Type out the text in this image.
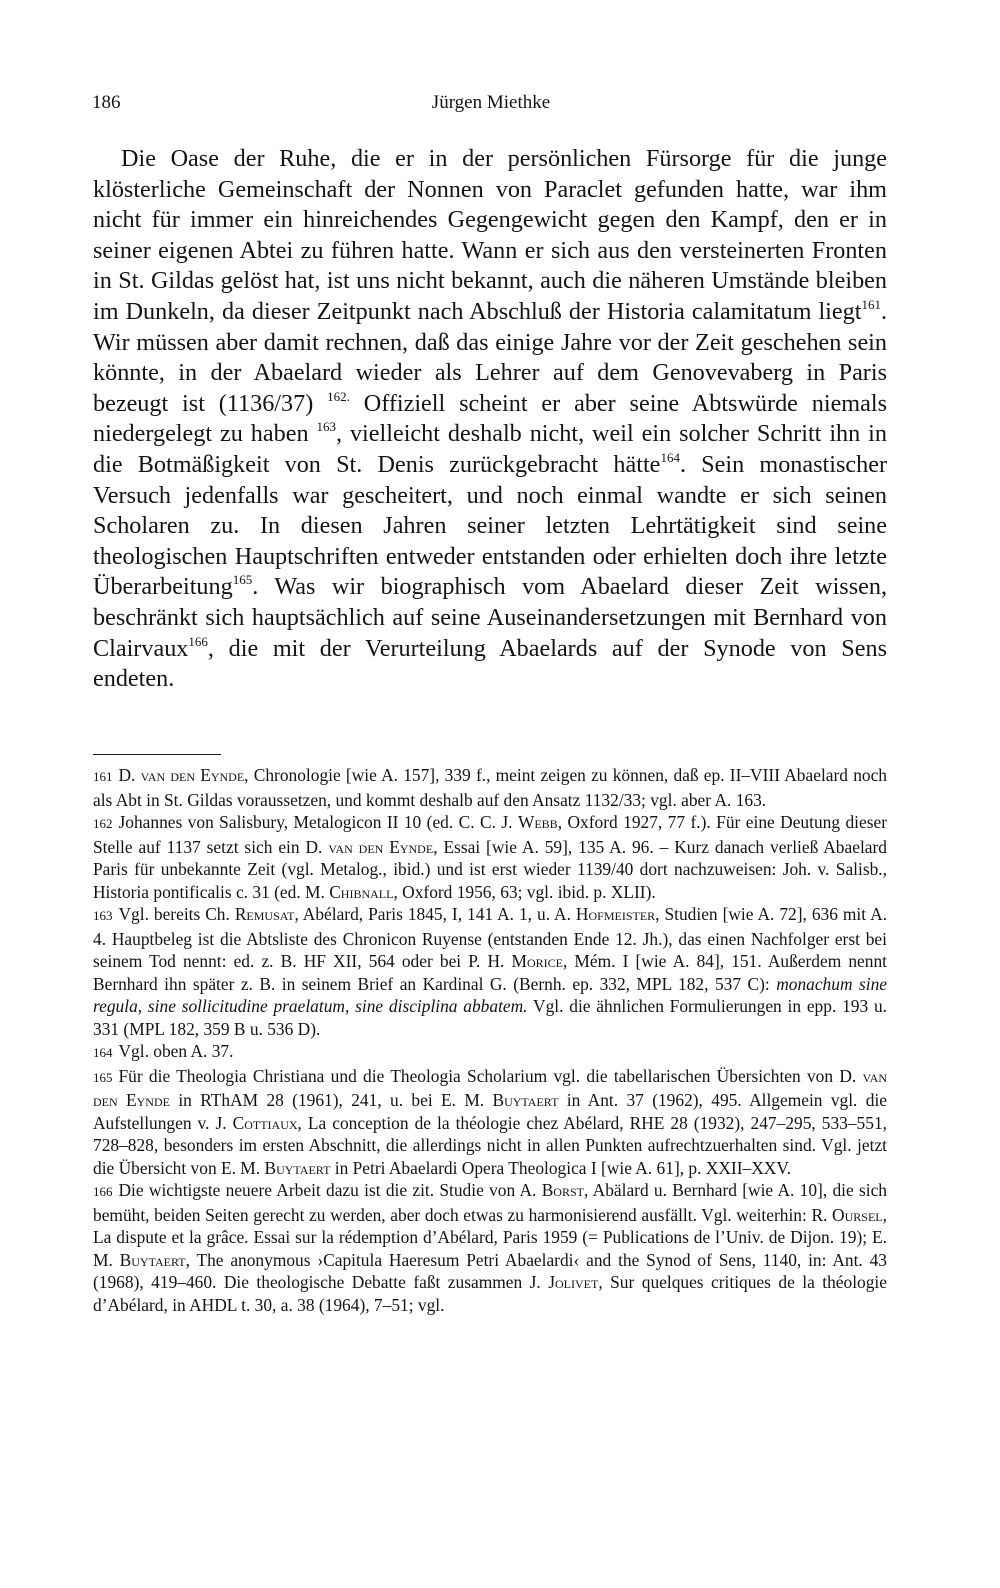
186	Jürgen Miethke

Die Oase der Ruhe, die er in der persönlichen Fürsorge für die junge klösterliche Gemeinschaft der Nonnen von Paraclet gefunden hatte, war ihm nicht für immer ein hinreichendes Gegengewicht gegen den Kampf, den er in seiner eigenen Abtei zu führen hatte. Wann er sich aus den versteinerten Fronten in St. Gildas gelöst hat, ist uns nicht bekannt, auch die näheren Umstände bleiben im Dunkeln, da dieser Zeitpunkt nach Abschluß der Historia calamitatum liegt$^{161}$. Wir müssen aber damit rechnen, daß das einige Jahre vor der Zeit geschehen sein könnte, in der Abaelard wieder als Lehrer auf dem Genovevaberg in Paris bezeugt ist (1136/37) $^{162.}$ Offiziell scheint er aber seine Abtswürde niemals niedergelegt zu haben $^{163}$, vielleicht deshalb nicht, weil ein solcher Schritt ihn in die Botmäßigkeit von St. Denis zurückgebracht hätte$^{164}$. Sein monastischer Versuch jedenfalls war gescheitert, und noch einmal wandte er sich seinen Scholaren zu. In diesen Jahren seiner letzten Lehrtätigkeit sind seine theologischen Hauptschriften entweder entstanden oder erhielten doch ihre letzte Überarbeitung$^{165}$. Was wir biographisch vom Abaelard dieser Zeit wissen, beschränkt sich hauptsächlich auf seine Auseinandersetzungen mit Bernhard von Clairvaux$^{166}$, die mit der Verurteilung Abaelards auf der Synode von Sens endeten.

161 D. van den Eynde, Chronologie [wie A. 157], 339 f., meint zeigen zu können, daß ep. II–VIII Abaelard noch als Abt in St. Gildas voraussetzen, und kommt deshalb auf den Ansatz 1132/33; vgl. aber A. 163.

162 Johannes von Salisbury, Metalogicon II 10 (ed. C. C. J. Webb, Oxford 1927, 77 f.). Für eine Deutung dieser Stelle auf 1137 setzt sich ein D. van den Eynde, Essai [wie A. 59], 135 A. 96. – Kurz danach verließ Abaelard Paris für unbekannte Zeit (vgl. Metalog., ibid.) und ist erst wieder 1139/40 dort nachzuweisen: Joh. v. Salisb., Historia pontificalis c. 31 (ed. M. Chibnall, Oxford 1956, 63; vgl. ibid. p. XLII).

163 Vgl. bereits Ch. Remusat, Abélard, Paris 1845, I, 141 A. 1, u. A. Hofmeister, Studien [wie A. 72], 636 mit A. 4. Hauptbeleg ist die Abtsliste des Chronicon Ruyense (entstanden Ende 12. Jh.), das einen Nachfolger erst bei seinem Tod nennt: ed. z. B. HF XII, 564 oder bei P. H. Morice, Mém. I [wie A. 84], 151. Außerdem nennt Bernhard ihn später z. B. in seinem Brief an Kardinal G. (Bernh. ep. 332, MPL 182, 537 C): monachum sine regula, sine sollicitudine praelatum, sine disciplina abbatem. Vgl. die ähnlichen Formulierungen in epp. 193 u. 331 (MPL 182, 359 B u. 536 D).

164 Vgl. oben A. 37.

165 Für die Theologia Christiana und die Theologia Scholarium vgl. die tabellarischen Übersichten von D. van den Eynde in RThAM 28 (1961), 241, u. bei E. M. Buytaert in Ant. 37 (1962), 495. Allgemein vgl. die Aufstellungen v. J. Cottiaux, La conception de la théologie chez Abélard, RHE 28 (1932), 247–295, 533–551, 728–828, besonders im ersten Abschnitt, die allerdings nicht in allen Punkten aufrechtzuerhalten sind. Vgl. jetzt die Übersicht von E. M. Buytaert in Petri Abaelardi Opera Theologica I [wie A. 61], p. XXII–XXV.

166 Die wichtigste neuere Arbeit dazu ist die zit. Studie von A. Borst, Abälard u. Bernhard [wie A. 10], die sich bemüht, beiden Seiten gerecht zu werden, aber doch etwas zu harmonisierend ausfällt. Vgl. weiterhin: R. Oursel, La dispute et la grâce. Essai sur la rédemption d’Abélard, Paris 1959 (= Publications de l’Univ. de Dijon. 19); E. M. Buytaert, The anonymous ›Capitula Haeresum Petri Abaelardi‹ and the Synod of Sens, 1140, in: Ant. 43 (1968), 419–460. Die theologische Debatte faßt zusammen J. Jolivet, Sur quelques critiques de la théologie d’Abélard, in AHDL t. 30, a. 38 (1964), 7–51; vgl.
